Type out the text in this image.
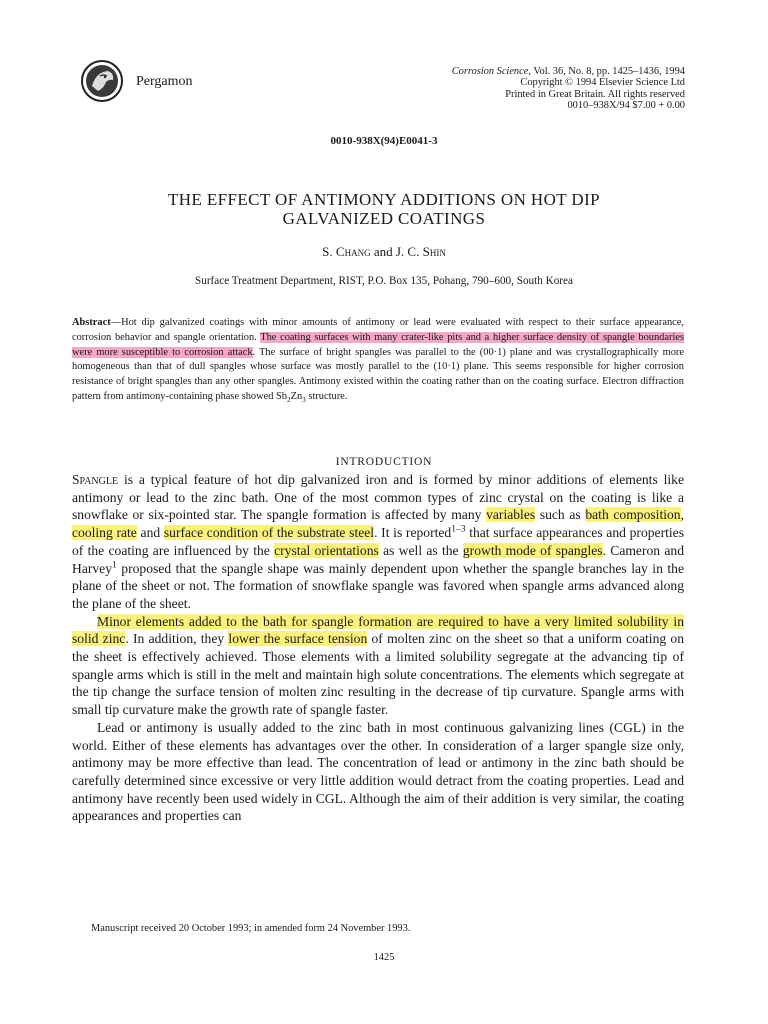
Pergamon
Corrosion Science, Vol. 36, No. 8, pp. 1425–1436, 1994
Copyright © 1994 Elsevier Science Ltd
Printed in Great Britain. All rights reserved
0010–938X/94 $7.00 + 0.00
0010-938X(94)E0041-3
THE EFFECT OF ANTIMONY ADDITIONS ON HOT DIP
GALVANIZED COATINGS
S. Chang and J. C. Shin
Surface Treatment Department, RIST, P.O. Box 135, Pohang, 790–600, South Korea
Abstract—Hot dip galvanized coatings with minor amounts of antimony or lead were evaluated with respect to their surface appearance, corrosion behavior and spangle orientation. The coating surfaces with many crater-like pits and a higher surface density of spangle boundaries were more susceptible to corrosion attack. The surface of bright spangles was parallel to the (00·1) plane and was crystallographically more homogeneous than that of dull spangles whose surface was mostly parallel to the (10·1) plane. This seems responsible for higher corrosion resistance of bright spangles than any other spangles. Antimony existed within the coating rather than on the coating surface. Electron diffraction pattern from antimony-containing phase showed $Sb_2Zn_3$ structure.
INTRODUCTION

Spangle is a typical feature of hot dip galvanized iron and is formed by minor additions of elements like antimony or lead to the zinc bath. One of the most common types of zinc crystal on the coating is like a snowflake or six-pointed star. The spangle formation is affected by many variables such as bath composition, cooling rate and surface condition of the substrate steel. It is reported$^{1-3}$ that surface appearances and properties of the coating are influenced by the crystal orientations as well as the growth mode of spangles. Cameron and Harvey$^1$ proposed that the spangle shape was mainly dependent upon whether the spangle branches lay in the plane of the sheet or not. The formation of snowflake spangle was favored when spangle arms advanced along the plane of the sheet.

Minor elements added to the bath for spangle formation are required to have a very limited solubility in solid zinc. In addition, they lower the surface tension of molten zinc on the sheet so that a uniform coating on the sheet is effectively achieved. Those elements with a limited solubility segregate at the advancing tip of spangle arms which is still in the melt and maintain high solute concentrations. The elements which segregate at the tip change the surface tension of molten zinc resulting in the decrease of tip curvature. Spangle arms with small tip curvature make the growth rate of spangle faster.

Lead or antimony is usually added to the zinc bath in most continuous galvanizing lines (CGL) in the world. Either of these elements has advantages over the other. In consideration of a larger spangle size only, antimony may be more effective than lead. The concentration of lead or antimony in the zinc bath should be carefully determined since excessive or very little addition would detract from the coating properties. Lead and antimony have recently been used widely in CGL. Although the aim of their addition is very similar, the coating appearances and properties can

Manuscript received 20 October 1993; in amended form 24 November 1993.
1425
